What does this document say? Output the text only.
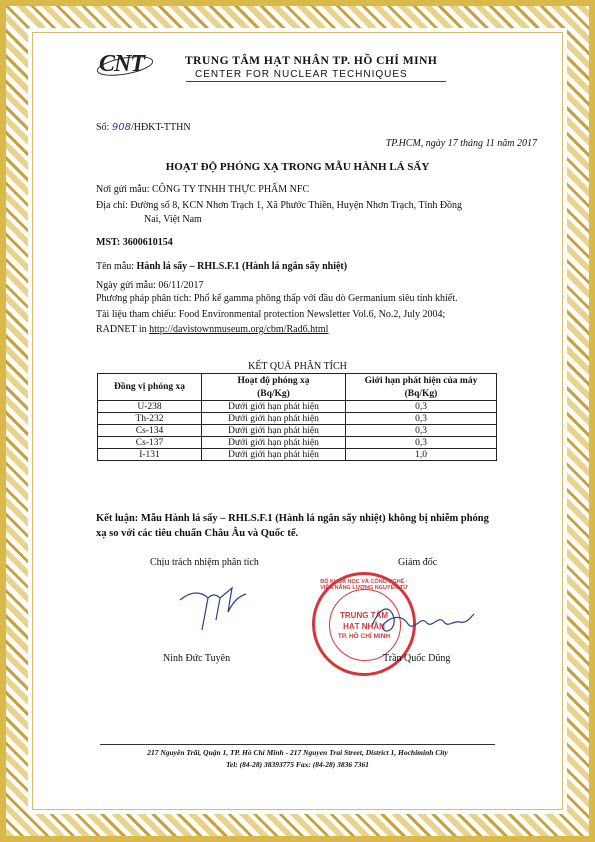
CNT	TRUNG TÂM HẠT NHÂN TP. HỒ CHÍ MINH
CENTER FOR NUCLEAR TECHNIQUES
Số: 908/HĐKT-TTHN
TP.HCM, ngày 17 tháng 11 năm 2017
HOẠT ĐỘ PHÓNG XẠ TRONG MẪU HÀNH LÁ SẤY
Nơi gửi mẫu: CÔNG TY TNHH THỰC PHẨM NFC
Địa chỉ: Đường số 8, KCN Nhơn Trạch 1, Xã Phước Thiền, Huyện Nhơn Trạch, Tỉnh Đồng
Nai, Việt Nam
MST: 3600610154
Tên mẫu: Hành lá sấy – RHLS.F.1 (Hành lá ngắn sấy nhiệt)
Ngày gửi mẫu: 06/11/2017
Phương pháp phân tích: Phổ kế gamma phông thấp với đầu dò Germanium siêu tinh khiết.
Tài liệu tham chiếu: Food Environmental protection Newsletter Vol.6, No.2, July 2004;
RADNET in http://davistownmuseum.org/cbm/Rad6.html
KẾT QUẢ PHÂN TÍCH
Đồng vị phóng xạ	Hoạt độ phóng xạ	Giới hạn phát hiện của máy
	(Bq/Kg)	(Bq/Kg)
U-238	Dưới giới hạn phát hiện	0,3
Th-232	Dưới giới hạn phát hiện	0,3
Cs-134	Dưới giới hạn phát hiện	0,3
Cs-137	Dưới giới hạn phát hiện	0,3
I-131	Dưới giới hạn phát hiện	1,0
Kết luận: Mẫu Hành lá sấy – RHLS.F.1 (Hành lá ngắn sấy nhiệt) không bị nhiễm phóng
xạ so với các tiêu chuẩn Châu Âu và Quốc tế.
Chịu trách nhiệm phân tích	Giám đốc
BỘ KHOA HỌC VÀ CÔNG NGHỆ · VIỆN NĂNG LƯỢNG NGUYÊN TỬ
TRUNG TÂM
HẠT NHÂN
TP. HỒ CHÍ MINH
Ninh Đức Tuyên	Trần Quốc Dũng
217 Nguyễn Trãi, Quận 1, TP. Hồ Chí Minh - 217 Nguyen Trai Street, District 1, Hochiminh City
Tel: (84-28) 38393775 Fax: (84-28) 3836 7361
